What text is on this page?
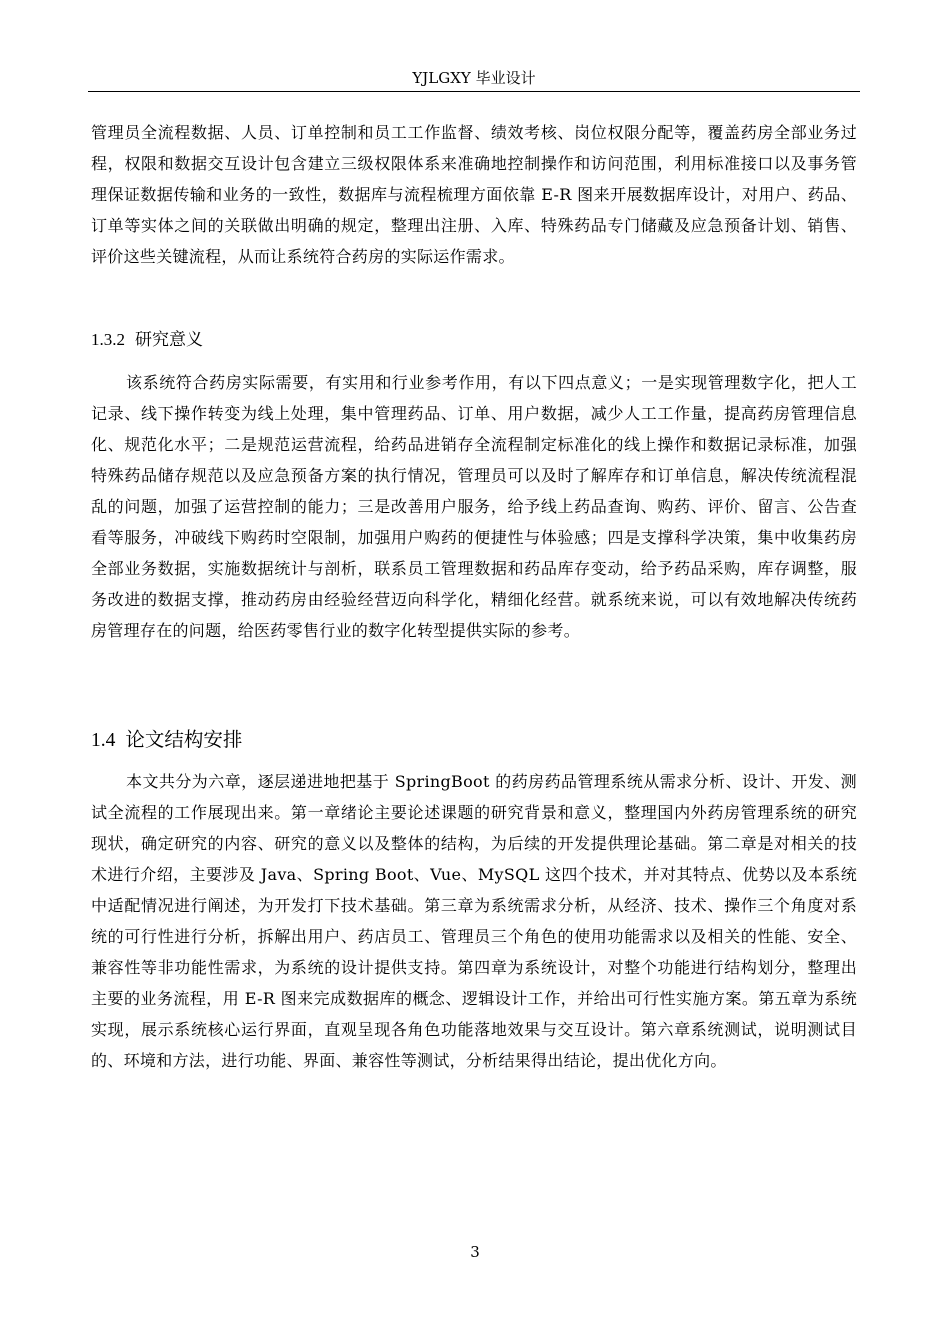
YJLGXY 毕业设计

管理员全流程数据、人员、订单控制和员工工作监督、绩效考核、岗位权限分配等，覆盖药房全部业务过程，权限和数据交互设计包含建立三级权限体系来准确地控制操作和访问范围，利用标准接口以及事务管理保证数据传输和业务的一致性，数据库与流程梳理方面依靠 E-R 图来开展数据库设计，对用户、药品、订单等实体之间的关联做出明确的规定，整理出注册、入库、特殊药品专门储藏及应急预备计划、销售、评价这些关键流程，从而让系统符合药房的实际运作需求。

1.3.2 研究意义

该系统符合药房实际需要，有实用和行业参考作用，有以下四点意义；一是实现管理数字化，把人工记录、线下操作转变为线上处理，集中管理药品、订单、用户数据，减少人工工作量，提高药房管理信息化、规范化水平；二是规范运营流程，给药品进销存全流程制定标准化的线上操作和数据记录标准，加强特殊药品储存规范以及应急预备方案的执行情况，管理员可以及时了解库存和订单信息，解决传统流程混乱的问题，加强了运营控制的能力；三是改善用户服务，给予线上药品查询、购药、评价、留言、公告查看等服务，冲破线下购药时空限制，加强用户购药的便捷性与体验感；四是支撑科学决策，集中收集药房全部业务数据，实施数据统计与剖析，联系员工管理数据和药品库存变动，给予药品采购，库存调整，服务改进的数据支撑，推动药房由经验经营迈向科学化，精细化经营。就系统来说，可以有效地解决传统药房管理存在的问题，给医药零售行业的数字化转型提供实际的参考。

1.4 论文结构安排

本文共分为六章，逐层递进地把基于 SpringBoot 的药房药品管理系统从需求分析、设计、开发、测试全流程的工作展现出来。第一章绪论主要论述课题的研究背景和意义，整理国内外药房管理系统的研究现状，确定研究的内容、研究的意义以及整体的结构，为后续的开发提供理论基础。第二章是对相关的技术进行介绍，主要涉及 Java、Spring Boot、Vue、MySQL 这四个技术，并对其特点、优势以及本系统中适配情况进行阐述，为开发打下技术基础。第三章为系统需求分析，从经济、技术、操作三个角度对系统的可行性进行分析，拆解出用户、药店员工、管理员三个角色的使用功能需求以及相关的性能、安全、兼容性等非功能性需求，为系统的设计提供支持。第四章为系统设计，对整个功能进行结构划分，整理出主要的业务流程，用 E-R 图来完成数据库的概念、逻辑设计工作，并给出可行性实施方案。第五章为系统实现，展示系统核心运行界面，直观呈现各角色功能落地效果与交互设计。第六章系统测试，说明测试目的、环境和方法，进行功能、界面、兼容性等测试，分析结果得出结论，提出优化方向。

3
